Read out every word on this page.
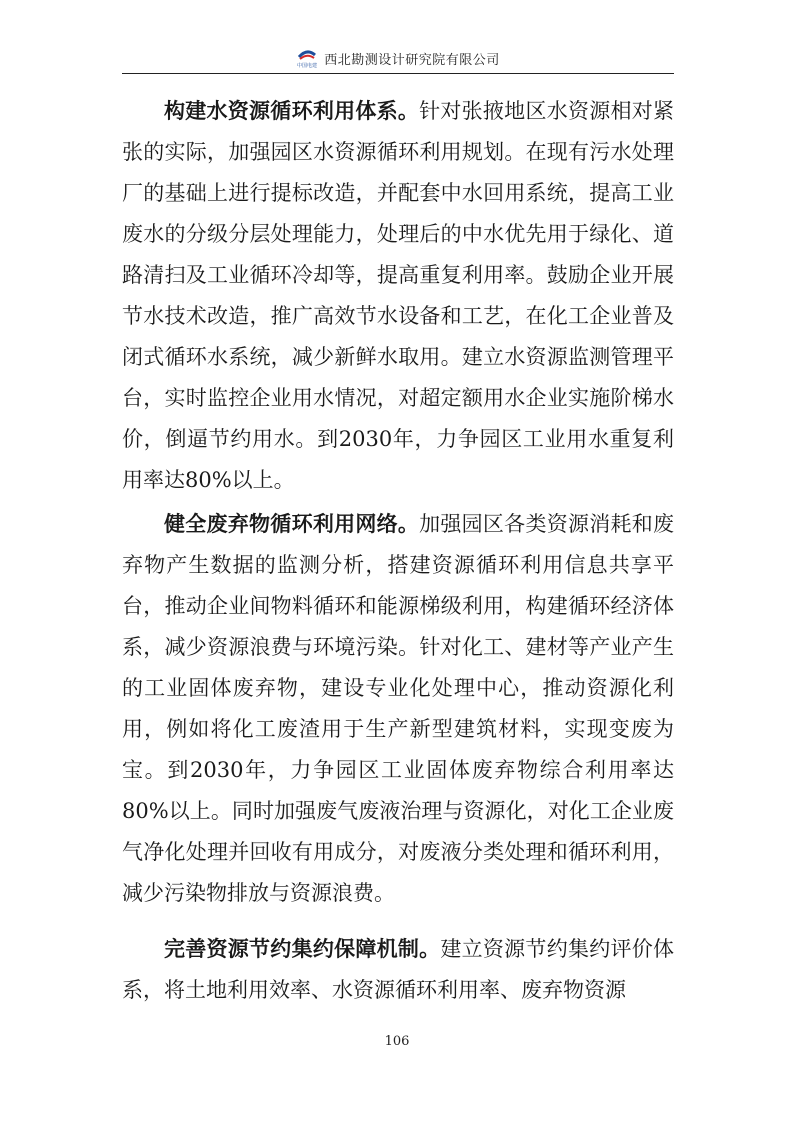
中国电建 西北勘测设计研究院有限公司

构建水资源循环利用体系。针对张掖地区水资源相对紧张的实际，加强园区水资源循环利用规划。在现有污水处理厂的基础上进行提标改造，并配套中水回用系统，提高工业废水的分级分层处理能力，处理后的中水优先用于绿化、道路清扫及工业循环冷却等，提高重复利用率。鼓励企业开展节水技术改造，推广高效节水设备和工艺，在化工企业普及闭式循环水系统，减少新鲜水取用。建立水资源监测管理平台，实时监控企业用水情况，对超定额用水企业实施阶梯水价，倒逼节约用水。到2030年，力争园区工业用水重复利用率达80%以上。

健全废弃物循环利用网络。加强园区各类资源消耗和废弃物产生数据的监测分析，搭建资源循环利用信息共享平台，推动企业间物料循环和能源梯级利用，构建循环经济体系，减少资源浪费与环境污染。针对化工、建材等产业产生的工业固体废弃物，建设专业化处理中心，推动资源化利用，例如将化工废渣用于生产新型建筑材料，实现变废为宝。到2030年，力争园区工业固体废弃物综合利用率达80%以上。同时加强废气废液治理与资源化，对化工企业废气净化处理并回收有用成分，对废液分类处理和循环利用，减少污染物排放与资源浪费。

完善资源节约集约保障机制。建立资源节约集约评价体系，将土地利用效率、水资源循环利用率、废弃物资源

106
